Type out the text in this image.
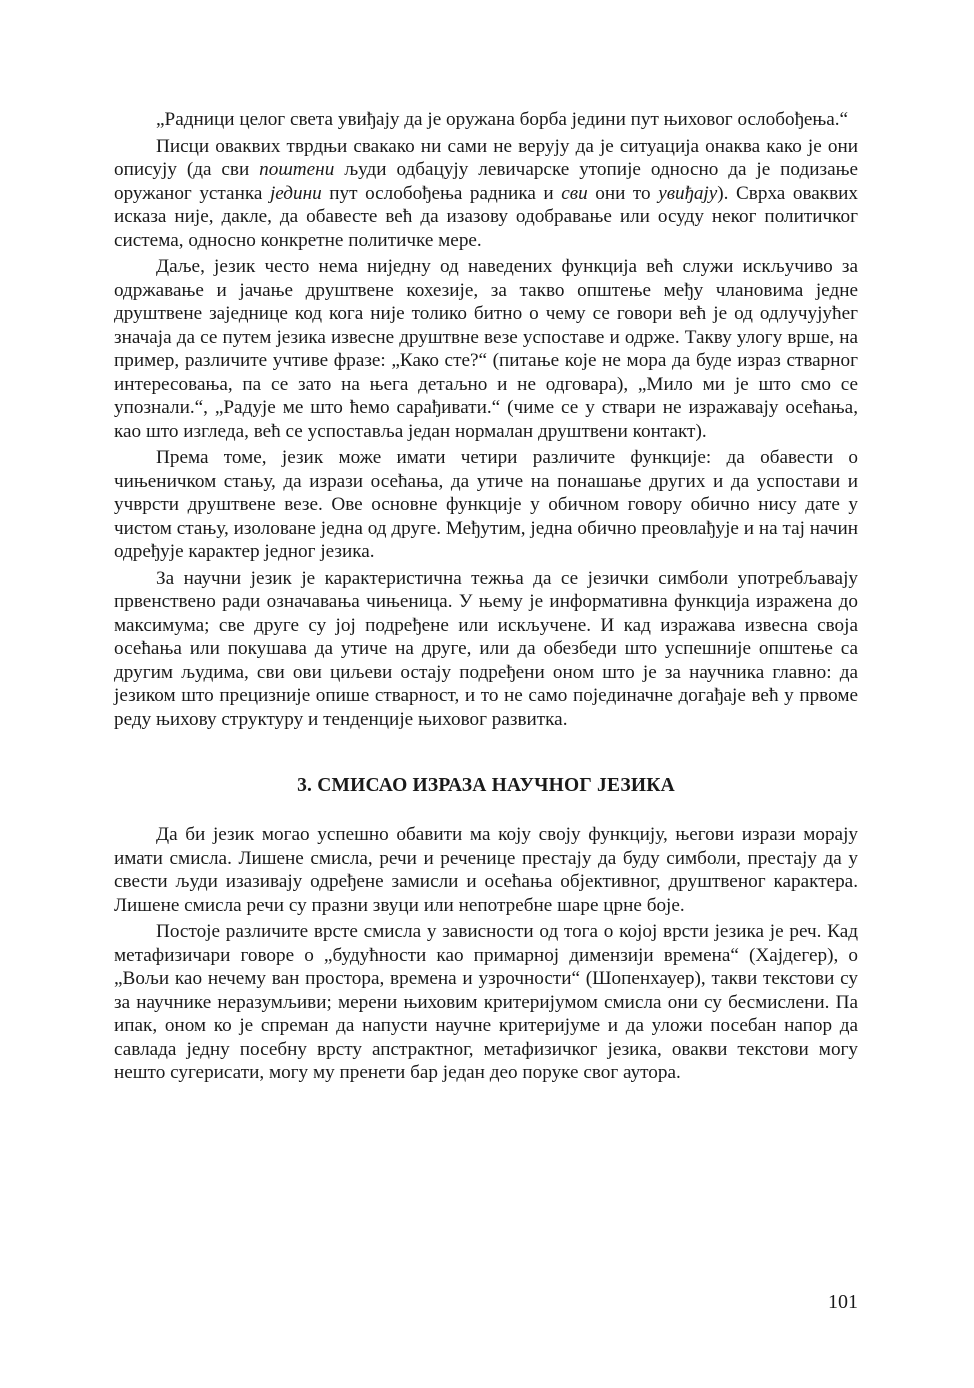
„Радници целог света увиђају да је оружана борба једини пут њиховог ослобођења.“

Писци оваквих тврдњи свакако ни сами не верују да је ситуација онаква како је они описују (да сви поштени људи одбацују левичарске утопије односно да је подизање оружаног устанка једини пут ослобођења радника и сви они то увиђају). Сврха оваквих исказа није, дакле, да обавесте већ да изазову одобравање или осуду неког политичког система, односно конкретне политичке мере.

Даље, језик често нема ниједну од наведених функција већ служи искључиво за одржавање и јачање друштвене кохезије, за такво општење међу члановима једне друштвене заједнице код кога није толико битно о чему се говори већ је од одлучујућег значаја да се путем језика извесне друштвне везе успоставе и одрже. Такву улогу врше, на пример, различите учтиве фразе: „Како сте?“ (питање које не мора да буде израз стварног интересовања, па се зато на њега детаљно и не одговара), „Мило ми је што смо се упознали.“, „Радује ме што ћемо сарађивати.“ (чиме се у ствари не изражавају осећања, као што изгледа, већ се успоставља један нормалан друштвени контакт).

Према томе, језик може имати четири различите функције: да обавести о чињеничком стању, да изрази осећања, да утиче на понашање других и да успостави и учврсти друштвене везе. Ове основне функције у обичном говору обично нису дате у чистом стању, изоловане једна од друге. Међутим, једна обично преовлађује и на тај начин одређује карактер једног језика.

За научни језик је карактеристична тежња да се језички симболи употребљавају првенствено ради означавања чињеница. У њему је информативна функција изражена до максимума; све друге су јој подређене или искључене. И кад изражава извесна своја осећања или покушава да утиче на друге, или да обезбеди што успешније општење са другим људима, сви ови циљеви остају подређени оном што је за научника главно: да језиком што прецизније опише стварност, и то не само појединачне догађаје већ у првоме реду њихову структуру и тенденције њиховог развитка.

3. СМИСАО ИЗРАЗА НАУЧНОГ ЈЕЗИКА

Да би језик могао успешно обавити ма коју своју функцију, његови изрази морају имати смисла. Лишене смисла, речи и реченице престају да буду симболи, престају да у свести људи изазивају одређене замисли и осећања објективног, друштвеног карактера. Лишене смисла речи су празни звуци или непотребне шаре црне боје.

Постоје различите врсте смисла у зависности од тога о којој врсти језика је реч. Кад метафизичари говоре о „будућности као примарној димензији времена“ (Хајдегер), о „Вољи као нечему ван простора, времена и узрочности“ (Шопенхауер), такви текстови су за научнике неразумљиви; мерени њиховим критеријумом смисла они су бесмислени. Па ипак, оном ко је спреман да напусти научне критеријуме и да уложи посебан напор да савлада једну посебну врсту апстрактног, метафизичког језика, овакви текстови могу нешто сугерисати, могу му пренети бар један део поруке свог аутора.

101
